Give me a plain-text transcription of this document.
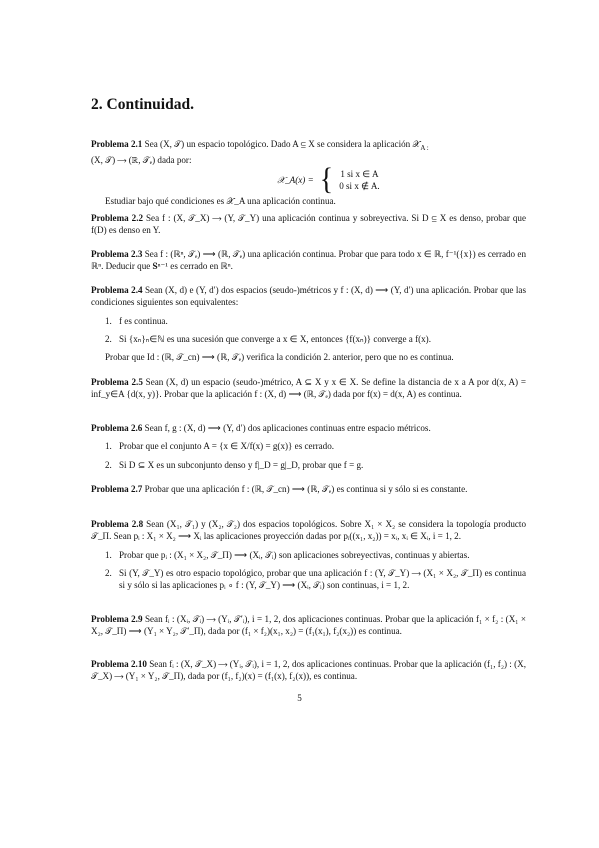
2. Continuidad.
Problema 2.1 Sea (X, 𝒯) un espacio topológico. Dado A ⊆ X se considera la aplicación 𝒳$_{A :}$
(X, 𝒯) ⟶ (ℝ, 𝒯ₑ) dada por:
𝒳_A(x) = { 1 si x ∈ A
0 si x ∉ A.
Estudiar bajo qué condiciones es 𝒳_A una aplicación continua.
Problema 2.2 Sea f : (X, 𝒯_X) ⟶ (Y, 𝒯_Y) una aplicación continua y sobreyectiva. Si D ⊆ X es denso, probar que f(D) es denso en Y.
Problema 2.3 Sea f : (ℝⁿ, 𝒯ₑ) ⟶ (ℝ, 𝒯ₑ) una aplicación continua. Probar que para todo x ∈ ℝ, f⁻¹({x}) es cerrado en ℝⁿ. Deducir que 𝐒ⁿ⁻¹ es cerrado en ℝⁿ.
Problema 2.4 Sean (X, d) e (Y, d′) dos espacios (seudo-)métricos y f : (X, d) ⟶ (Y, d′) una aplicación. Probar que las condiciones siguientes son equivalentes:
1. f es continua.
2. Si {xₙ}ₙ∈ℕ es una sucesión que converge a x ∈ X, entonces {f(xₙ)} converge a f(x).
Probar que Id : (ℝ, 𝒯_cn) ⟶ (ℝ, 𝒯ₑ) verifica la condición 2. anterior, pero que no es continua.
Problema 2.5 Sean (X, d) un espacio (seudo-)métrico, A ⊆ X y x ∈ X. Se define la distancia de x a A por d(x, A) = inf_y∈A {d(x, y)}. Probar que la aplicación f : (X, d) ⟶ (ℝ, 𝒯ₑ) dada por f(x) = d(x, A) es continua.
Problema 2.6 Sean f, g : (X, d) ⟶ (Y, d′) dos aplicaciones continuas entre espacio métricos.
1. Probar que el conjunto A = {x ∈ X/f(x) = g(x)} es cerrado.
2. Si D ⊆ X es un subconjunto denso y f|_D = g|_D, probar que f = g.
Problema 2.7 Probar que una aplicación f : (ℝ, 𝒯_cn) ⟶ (ℝ, 𝒯ₑ) es continua si y sólo si es constante.
Problema 2.8 Sean (X₁, 𝒯₁) y (X₂, 𝒯₂) dos espacios topológicos. Sobre X₁ × X₂ se considera la topología producto 𝒯_Π. Sean pᵢ : X₁ × X₂ ⟶ Xᵢ las aplicaciones proyección dadas por pᵢ((x₁, x₂)) = xᵢ, xᵢ ∈ Xᵢ, i = 1, 2.
1. Probar que pᵢ : (X₁ × X₂, 𝒯_Π) ⟶ (Xᵢ, 𝒯ᵢ) son aplicaciones sobreyectivas, continuas y abiertas.
2. Si (Y, 𝒯_Y) es otro espacio topológico, probar que una aplicación f : (Y, 𝒯_Y) ⟶ (X₁ × X₂, 𝒯_Π) es continua si y sólo si las aplicaciones pᵢ ∘ f : (Y, 𝒯_Y) ⟶ (Xᵢ, 𝒯ᵢ) son continuas, i = 1, 2.
Problema 2.9 Sean fᵢ : (Xᵢ, 𝒯ᵢ) ⟶ (Yᵢ, 𝒯′ᵢ), i = 1, 2, dos aplicaciones continuas. Probar que la aplicación f₁ × f₂ : (X₁ × X₂, 𝒯_Π) ⟶ (Y₁ × Y₂, 𝒯′_Π), dada por (f₁ × f₂)(x₁, x₂) = (f₁(x₁), f₂(x₂)) es continua.
Problema 2.10 Sean fᵢ : (X, 𝒯_X) ⟶ (Yᵢ, 𝒯ᵢ), i = 1, 2, dos aplicaciones continuas. Probar que la aplicación (f₁, f₂) : (X, 𝒯_X) ⟶ (Y₁ × Y₂, 𝒯_Π), dada por (f₁, f₂)(x) = (f₁(x), f₂(x)), es continua.
5
